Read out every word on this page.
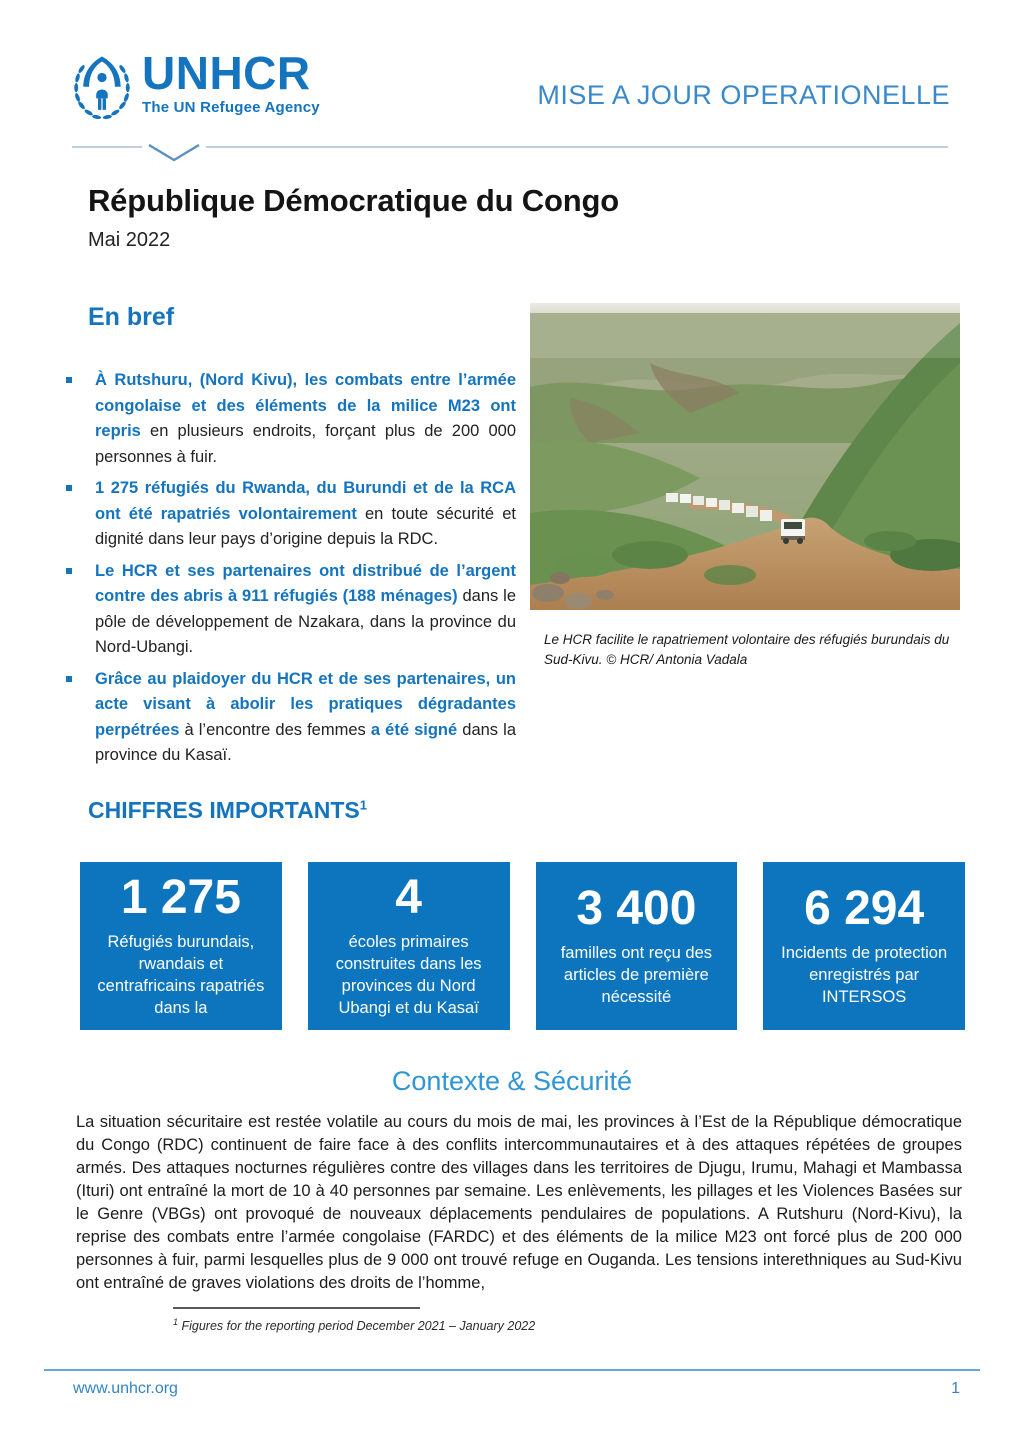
UNHCR
The UN Refugee Agency	MISE A JOUR OPERATIONELLE
République Démocratique du Congo
Mai 2022
En bref
À Rutshuru, (Nord Kivu), les combats entre l’armée congolaise et des éléments de la milice M23 ont repris en plusieurs endroits, forçant plus de 200 000 personnes à fuir.
1 275 réfugiés du Rwanda, du Burundi et de la RCA ont été rapatriés volontairement en toute sécurité et dignité dans leur pays d’origine depuis la RDC.
Le HCR et ses partenaires ont distribué de l’argent contre des abris à 911 réfugiés (188 ménages) dans le pôle de développement de Nzakara, dans la province du Nord-Ubangi.
Grâce au plaidoyer du HCR et de ses partenaires, un acte visant à abolir les pratiques dégradantes perpétrées à l’encontre des femmes a été signé dans la province du Kasaï.
Le HCR facilite le rapatriement volontaire des réfugiés burundais du Sud-Kivu. © HCR/ Antonia Vadala
CHIFFRES IMPORTANTS$^1$
1 275
Réfugiés burundais, rwandais et centrafricains rapatriés dans la
4
écoles primaires construites dans les provinces du Nord Ubangi et du Kasaï
3 400
familles ont reçu des articles de première nécessité
6 294
Incidents de protection enregistrés par INTERSOS
Contexte & Sécurité

La situation sécuritaire est restée volatile au cours du mois de mai, les provinces à l’Est de la République démocratique du Congo (RDC) continuent de faire face à des conflits intercommunautaires et à des attaques répétées de groupes armés. Des attaques nocturnes régulières contre des villages dans les territoires de Djugu, Irumu, Mahagi et Mambassa (Ituri) ont entraîné la mort de 10 à 40 personnes par semaine. Les enlèvements, les pillages et les Violences Basées sur le Genre (VBGs) ont provoqué de nouveaux déplacements pendulaires de populations. A Rutshuru (Nord-Kivu), la reprise des combats entre l’armée congolaise (FARDC) et des éléments de la milice M23 ont forcé plus de 200 000 personnes à fuir, parmi lesquelles plus de 9 000 ont trouvé refuge en Ouganda. Les tensions interethniques au Sud-Kivu ont entraîné de graves violations des droits de l’homme,

$^1$ Figures for the reporting period December 2021 – January 2022
www.unhcr.org	1
